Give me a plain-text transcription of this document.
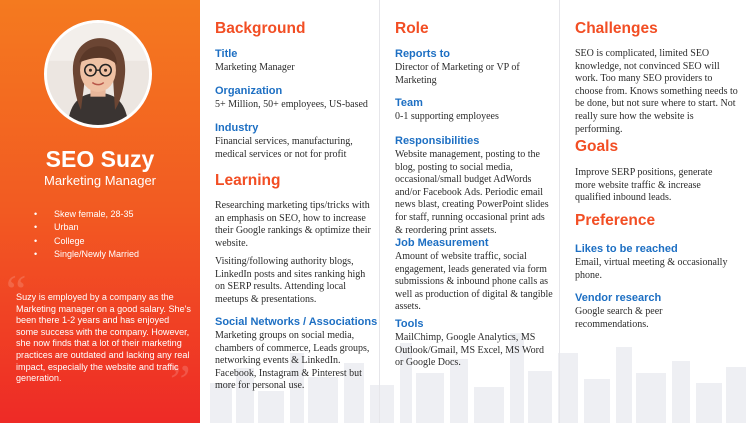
SEO Suzy
Marketing Manager
• Skew female, 28-35
• Urban
• College
• Single/Newly Married
“
”

Suzy is employed by a company as the Marketing manager on a good salary. She's been there 1-2 years and has enjoyed some success with the company. However, she now finds that a lot of their marketing practices are outdated and lacking any real impact, especially the website and traffic generation.

Background
Title
Marketing Manager
Organization
5+ Million, 50+ employees, US-based
Industry
Financial services, manufacturing, medical services or not for profit
Learning
Researching marketing tips/tricks with an emphasis on SEO, how to increase their Google rankings & optimize their website.
Visiting/following authority blogs, LinkedIn posts and sites ranking high on SERP results. Attending local meetups & presentations.
Social Networks / Associations
Marketing groups on social media, chambers of commerce, Leads groups, networking events & LinkedIn. Facebook, Instagram & Pinterest but more for personal use.
Role
Reports to
Director of Marketing or VP of Marketing
Team
0-1 supporting employees
Responsibilities
Website management, posting to the blog, posting to social media, occasional/small budget AdWords and/or Facebook Ads. Periodic email news blast, creating PowerPoint slides for staff, running occasional print ads & reordering print assets.
Job Measurement
Amount of website traffic, social engagement, leads generated via form submissions & inbound phone calls as well as production of digital & tangible assets.
Tools
MailChimp, Google Analytics, MS Outlook/Gmail, MS Excel, MS Word or Google Docs.
Challenges
SEO is complicated, limited SEO knowledge, not convinced SEO will work. Too many SEO providers to choose from. Knows something needs to be done, but not sure where to start. Not really sure how the website is performing.
Goals
Improve SERP positions, generate more website traffic & increase qualified inbound leads.
Preference
Likes to be reached
Email, virtual meeting & occasionally phone.
Vendor research
Google search & peer recommendations.
